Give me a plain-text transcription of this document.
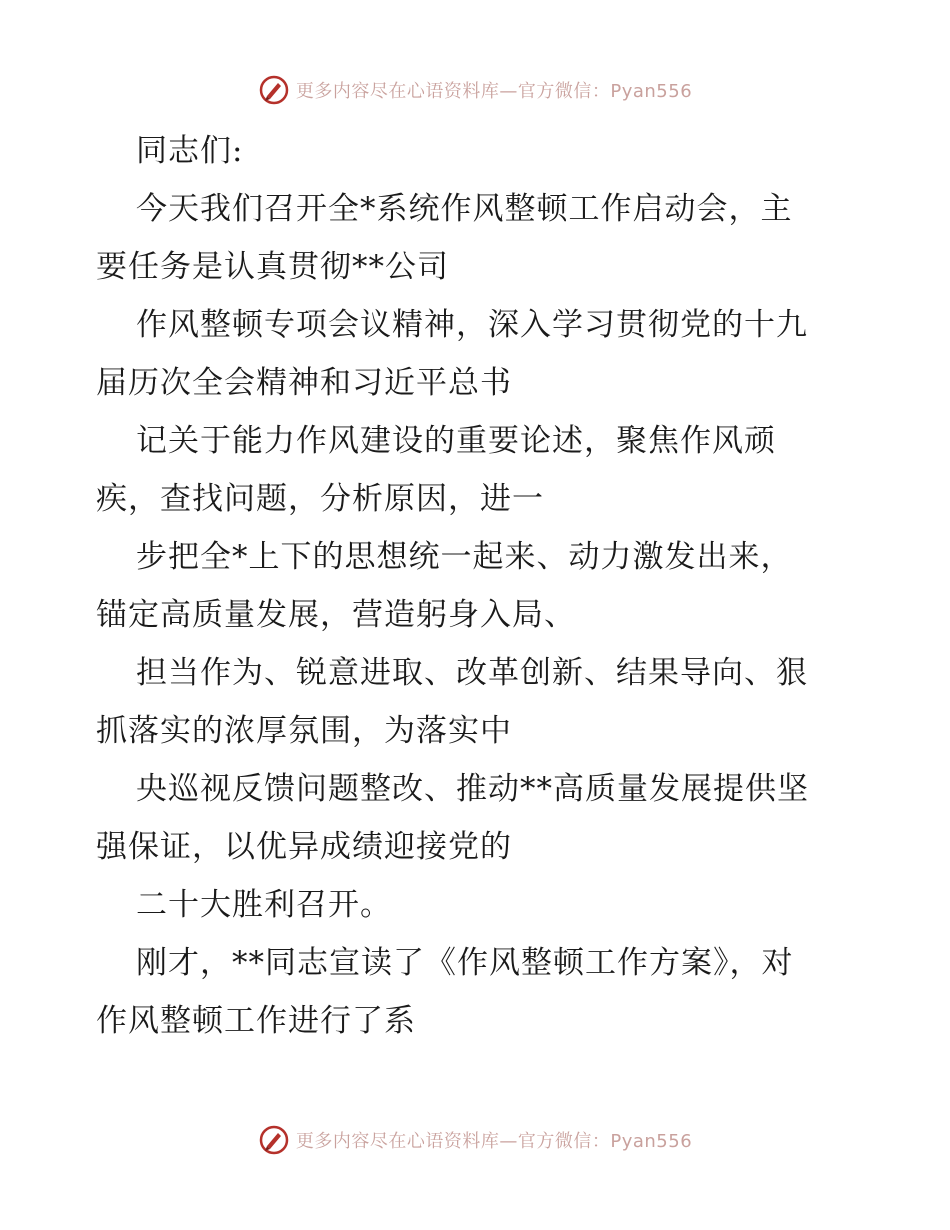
更多内容尽在心语资料库—官方微信：Pyan556
同志们:
今天我们召开全*系统作风整顿工作启动会，主
要任务是认真贯彻**公司
作风整顿专项会议精神，深入学习贯彻党的十九
届历次全会精神和习近平总书
记关于能力作风建设的重要论述，聚焦作风顽
疾，查找问题，分析原因，进一
步把全*上下的思想统一起来、动力激发出来，
锚定高质量发展，营造躬身入局、
担当作为、锐意进取、改革创新、结果导向、狠
抓落实的浓厚氛围，为落实中
央巡视反馈问题整改、推动**高质量发展提供坚
强保证，以优异成绩迎接党的
二十大胜利召开。
刚才，**同志宣读了《作风整顿工作方案》，对
作风整顿工作进行了系
更多内容尽在心语资料库—官方微信：Pyan556
